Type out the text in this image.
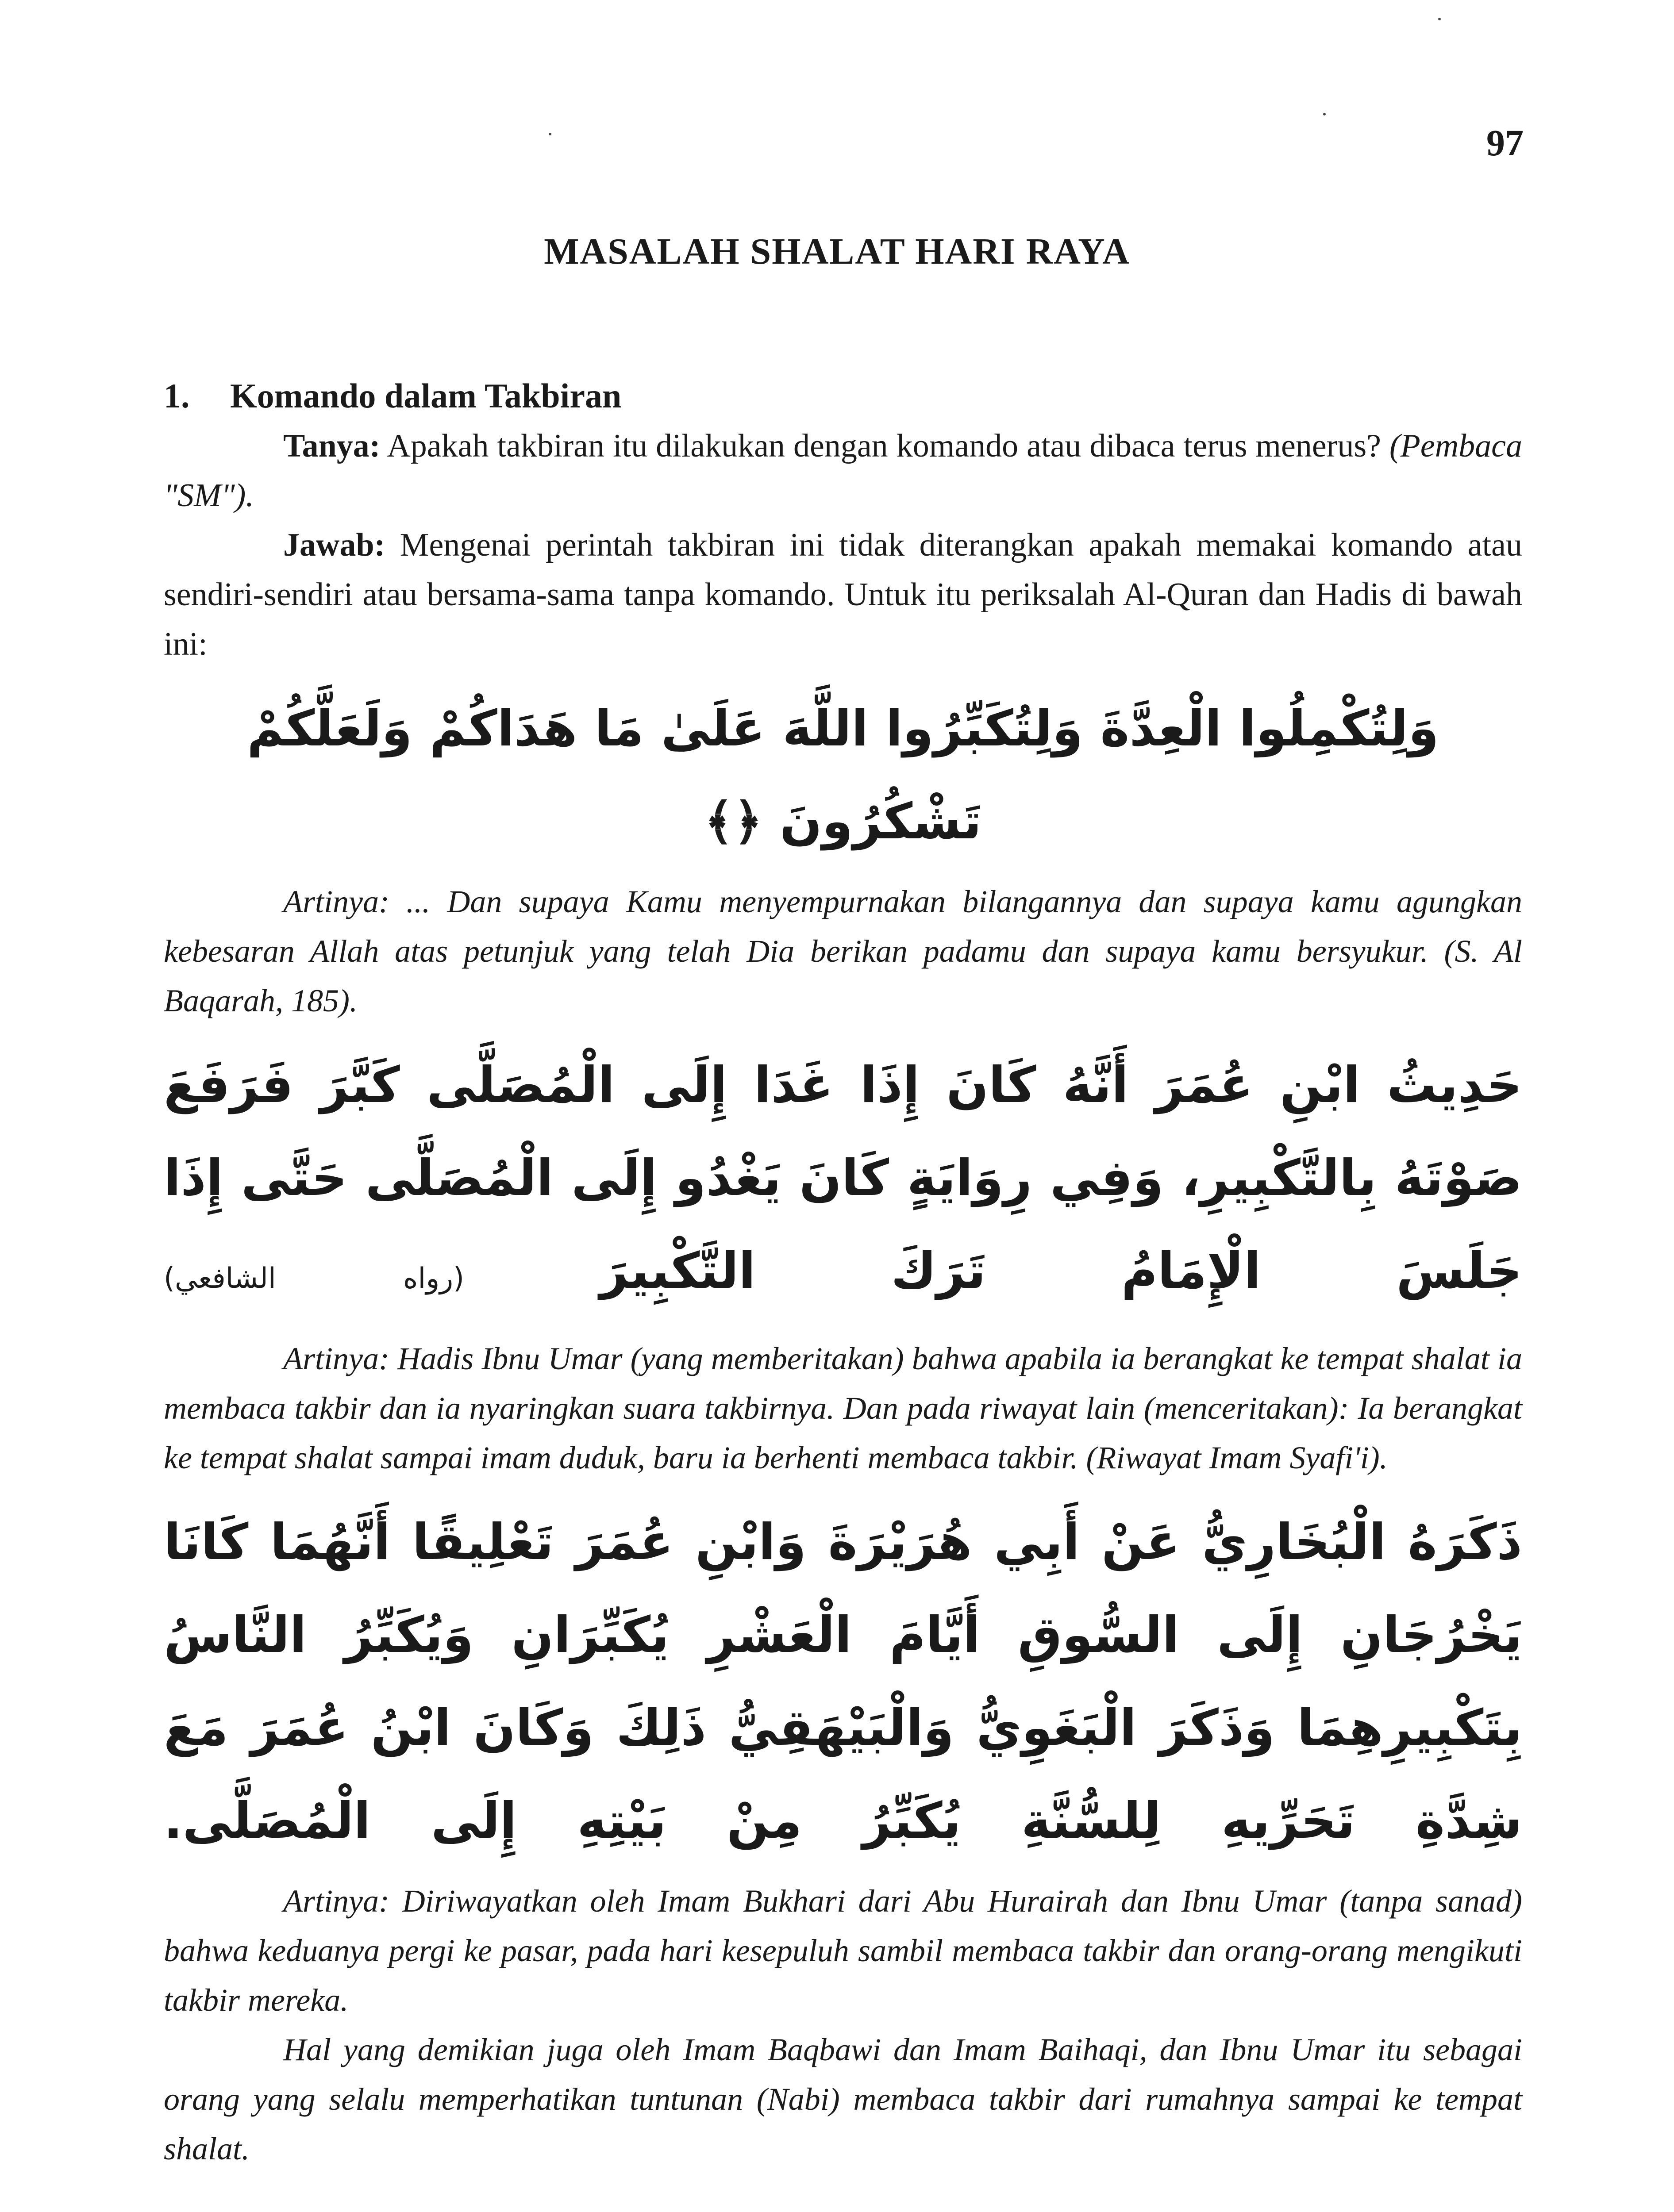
97
MASALAH SHALAT HARI RAYA
1. Komando dalam Takbiran

Tanya: Apakah takbiran itu dilakukan dengan komando atau dibaca terus menerus? (Pembaca "SM").

Jawab: Mengenai perintah takbiran ini tidak diterangkan apakah memakai komando atau sendiri-sendiri atau bersama-sama tanpa komando. Untuk itu periksalah Al-Quran dan Hadis di bawah ini:

وَلِتُكْمِلُوا الْعِدَّةَ وَلِتُكَبِّرُوا اللَّهَ عَلَىٰ مَا هَدَاكُمْ وَلَعَلَّكُمْ تَشْكُرُونَ ﴿﴾

Artinya: ... Dan supaya Kamu menyempurnakan bilangannya dan supaya kamu agungkan kebesaran Allah atas petunjuk yang telah Dia berikan padamu dan supaya kamu bersyukur. (S. Al Baqarah, 185).

حَدِيثُ ابْنِ عُمَرَ أَنَّهُ كَانَ إِذَا غَدَا إِلَى الْمُصَلَّى كَبَّرَ فَرَفَعَ صَوْتَهُ بِالتَّكْبِيرِ، وَفِي رِوَايَةٍ كَانَ يَغْدُو إِلَى الْمُصَلَّى حَتَّى إِذَا جَلَسَ الْإِمَامُ تَرَكَ التَّكْبِيرَ (رواه الشافعي)

Artinya: Hadis Ibnu Umar (yang memberitakan) bahwa apabila ia berangkat ke tempat shalat ia membaca takbir dan ia nyaringkan suara takbirnya. Dan pada riwayat lain (menceritakan): Ia berangkat ke tempat shalat sampai imam duduk, baru ia berhenti membaca takbir. (Riwayat Imam Syafi'i).

ذَكَرَهُ الْبُخَارِيُّ عَنْ أَبِي هُرَيْرَةَ وَابْنِ عُمَرَ تَعْلِيقًا أَنَّهُمَا كَانَا يَخْرُجَانِ إِلَى السُّوقِ أَيَّامَ الْعَشْرِ يُكَبِّرَانِ وَيُكَبِّرُ النَّاسُ بِتَكْبِيرِهِمَا وَذَكَرَ الْبَغَوِيُّ وَالْبَيْهَقِيُّ ذَلِكَ وَكَانَ ابْنُ عُمَرَ مَعَ شِدَّةِ تَحَرِّيهِ لِلسُّنَّةِ يُكَبِّرُ مِنْ بَيْتِهِ إِلَى الْمُصَلَّى.

Artinya: Diriwayatkan oleh Imam Bukhari dari Abu Hurairah dan Ibnu Umar (tanpa sanad) bahwa keduanya pergi ke pasar, pada hari kesepuluh sambil membaca takbir dan orang-orang mengikuti takbir mereka.

Hal yang demikian juga oleh Imam Baqbawi dan Imam Baihaqi, dan Ibnu Umar itu sebagai orang yang selalu memperhatikan tuntunan (Nabi) membaca takbir dari rumahnya sampai ke tempat shalat.
